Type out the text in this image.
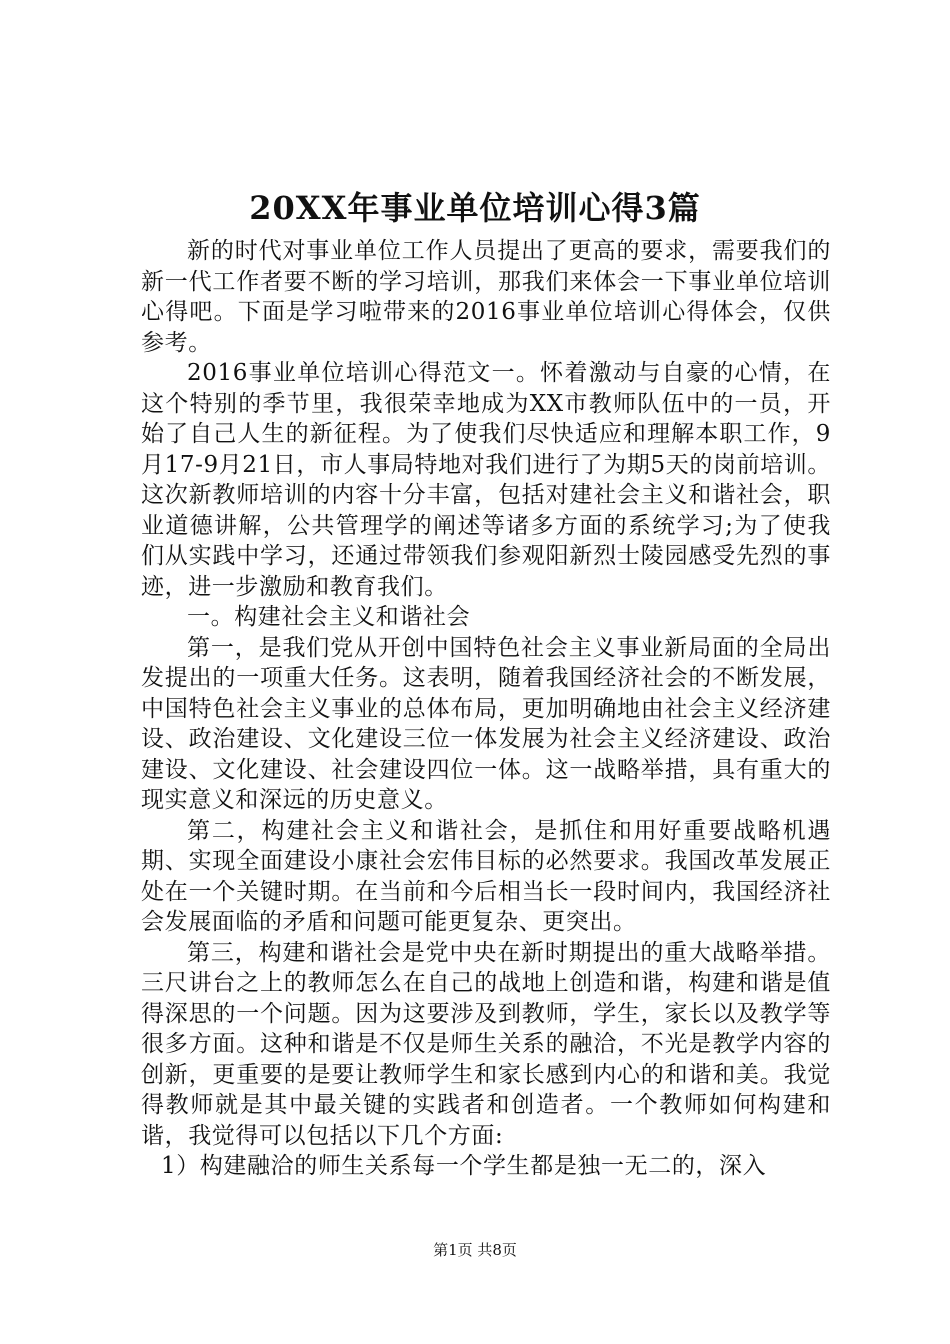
20XX年事业单位培训心得3篇

新的时代对事业单位工作人员提出了更高的要求，需要我们的新一代工作者要不断的学习培训，那我们来体会一下事业单位培训心得吧。下面是学习啦带来的2016事业单位培训心得体会，仅供参考。

2016事业单位培训心得范文一。怀着激动与自豪的心情，在这个特别的季节里，我很荣幸地成为XX市教师队伍中的一员，开始了自己人生的新征程。为了使我们尽快适应和理解本职工作，9月17-9月21日，市人事局特地对我们进行了为期5天的岗前培训。这次新教师培训的内容十分丰富，包括对建社会主义和谐社会，职业道德讲解，公共管理学的阐述等诸多方面的系统学习;为了使我们从实践中学习，还通过带领我们参观阳新烈士陵园感受先烈的事迹，进一步激励和教育我们。

一。构建社会主义和谐社会

第一，是我们党从开创中国特色社会主义事业新局面的全局出发提出的一项重大任务。这表明，随着我国经济社会的不断发展，中国特色社会主义事业的总体布局，更加明确地由社会主义经济建设、政治建设、文化建设三位一体发展为社会主义经济建设、政治建设、文化建设、社会建设四位一体。这一战略举措，具有重大的现实意义和深远的历史意义。

第二，构建社会主义和谐社会，是抓住和用好重要战略机遇期、实现全面建设小康社会宏伟目标的必然要求。我国改革发展正处在一个关键时期。在当前和今后相当长一段时间内，我国经济社会发展面临的矛盾和问题可能更复杂、更突出。

第三，构建和谐社会是党中央在新时期提出的重大战略举措。三尺讲台之上的教师怎么在自己的战地上创造和谐，构建和谐是值得深思的一个问题。因为这要涉及到教师，学生，家长以及教学等很多方面。这种和谐是不仅是师生关系的融洽，不光是教学内容的创新，更重要的是要让教师学生和家长感到内心的和谐和美。我觉得教师就是其中最关键的实践者和创造者。一个教师如何构建和谐，我觉得可以包括以下几个方面:

1）构建融洽的师生关系每一个学生都是独一无二的，深入

第1页 共8页
